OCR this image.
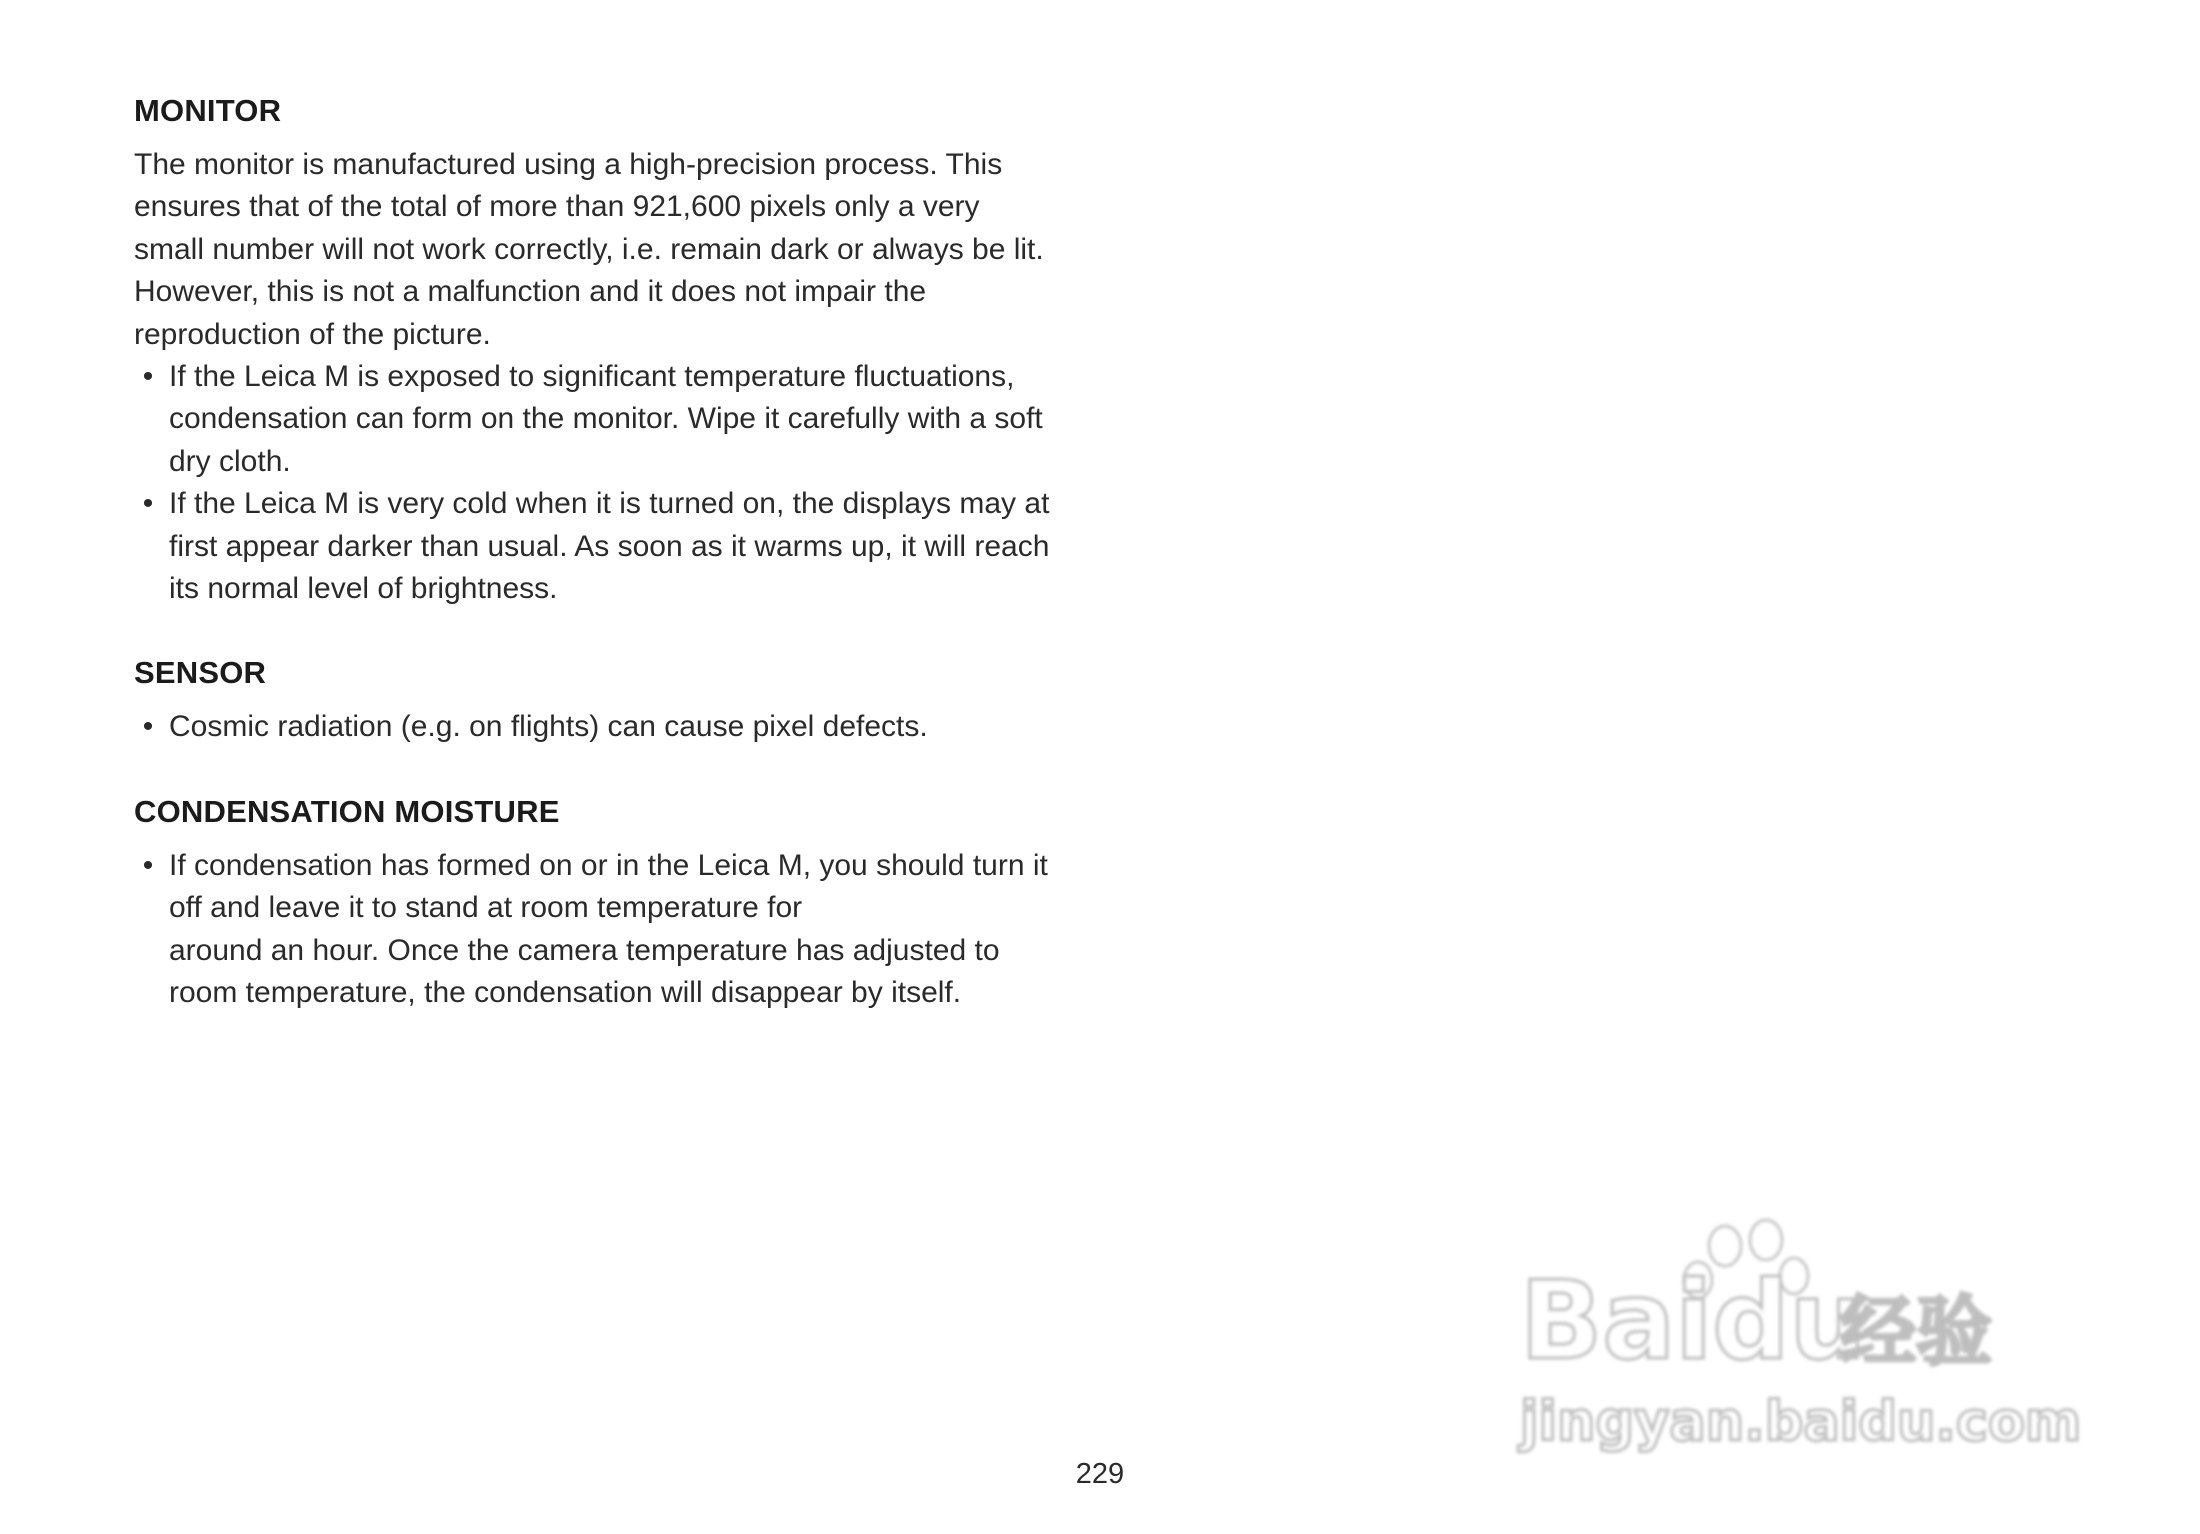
MONITOR

The monitor is manufactured using a high-precision process. This
ensures that of the total of more than 921,600 pixels only a very
small number will not work correctly, i.e. remain dark or always be lit.
However, this is not a malfunction and it does not impair the
reproduction of the picture.

• If the Leica M is exposed to significant temperature fluctuations,
condensation can form on the monitor. Wipe it carefully with a soft
dry cloth.
• If the Leica M is very cold when it is turned on, the displays may at
first appear darker than usual. As soon as it warms up, it will reach
its normal level of brightness.
SENSOR
• Cosmic radiation (e.g. on flights) can cause pixel defects.
CONDENSATION MOISTURE
• If condensation has formed on or in the Leica M, you should turn it
off and leave it to stand at room temperature for
around an hour. Once the camera temperature has adjusted to
room temperature, the condensation will disappear by itself.
Baidu
经验
jingyan.baidu.com
229
